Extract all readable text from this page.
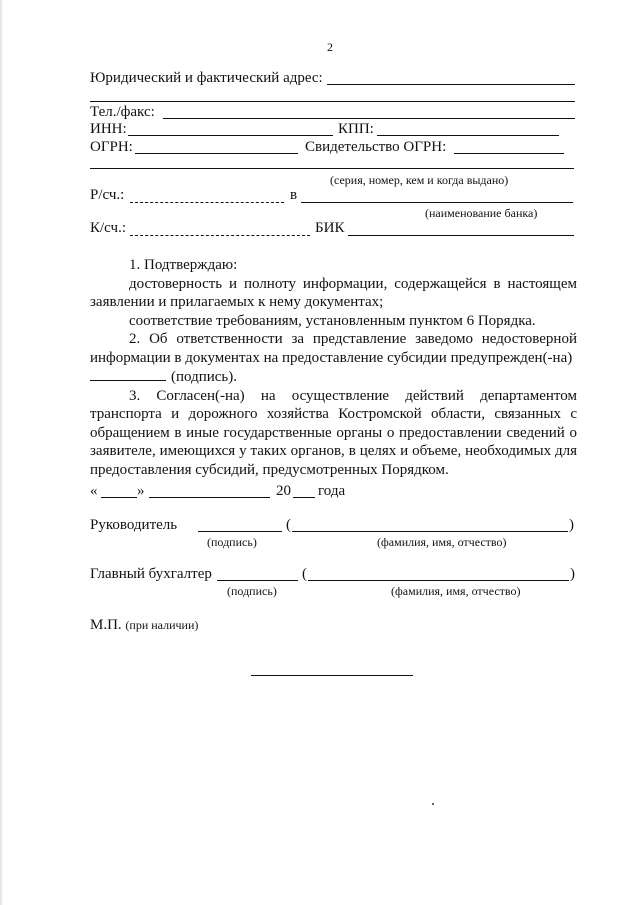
2
Юридический и фактический адрес:
Тел./факс:
ИНН:	КПП:
ОГРН:	Свидетельство ОГРН:
(серия, номер, кем и когда выдано)
Р/сч.:	в
(наименование банка)
К/сч.:	БИК
1. Подтверждаю:
достоверность и полноту информации, содержащейся в настоящем заявлении и прилагаемых к нему документах;
соответствие требованиям, установленным пунктом 6 Порядка.
2. Об ответственности за представление заведомо недостоверной информации в документах на предоставление субсидии предупрежден(-на)
(подпись).
3. Согласен(-на) на осуществление действий департаментом транспорта и дорожного хозяйства Костромской области, связанных с обращением в иные государственные органы о предоставлении сведений о заявителе, имеющихся у таких органов, в целях и объеме, необходимых для предоставления субсидий, предусмотренных Порядком.
«	»	20 года
Руководитель	(	)
(подпись)	(фамилия, имя, отчество)
Главный бухгалтер	(	)
(подпись)	(фамилия, имя, отчество)
М.П. (при наличии)
